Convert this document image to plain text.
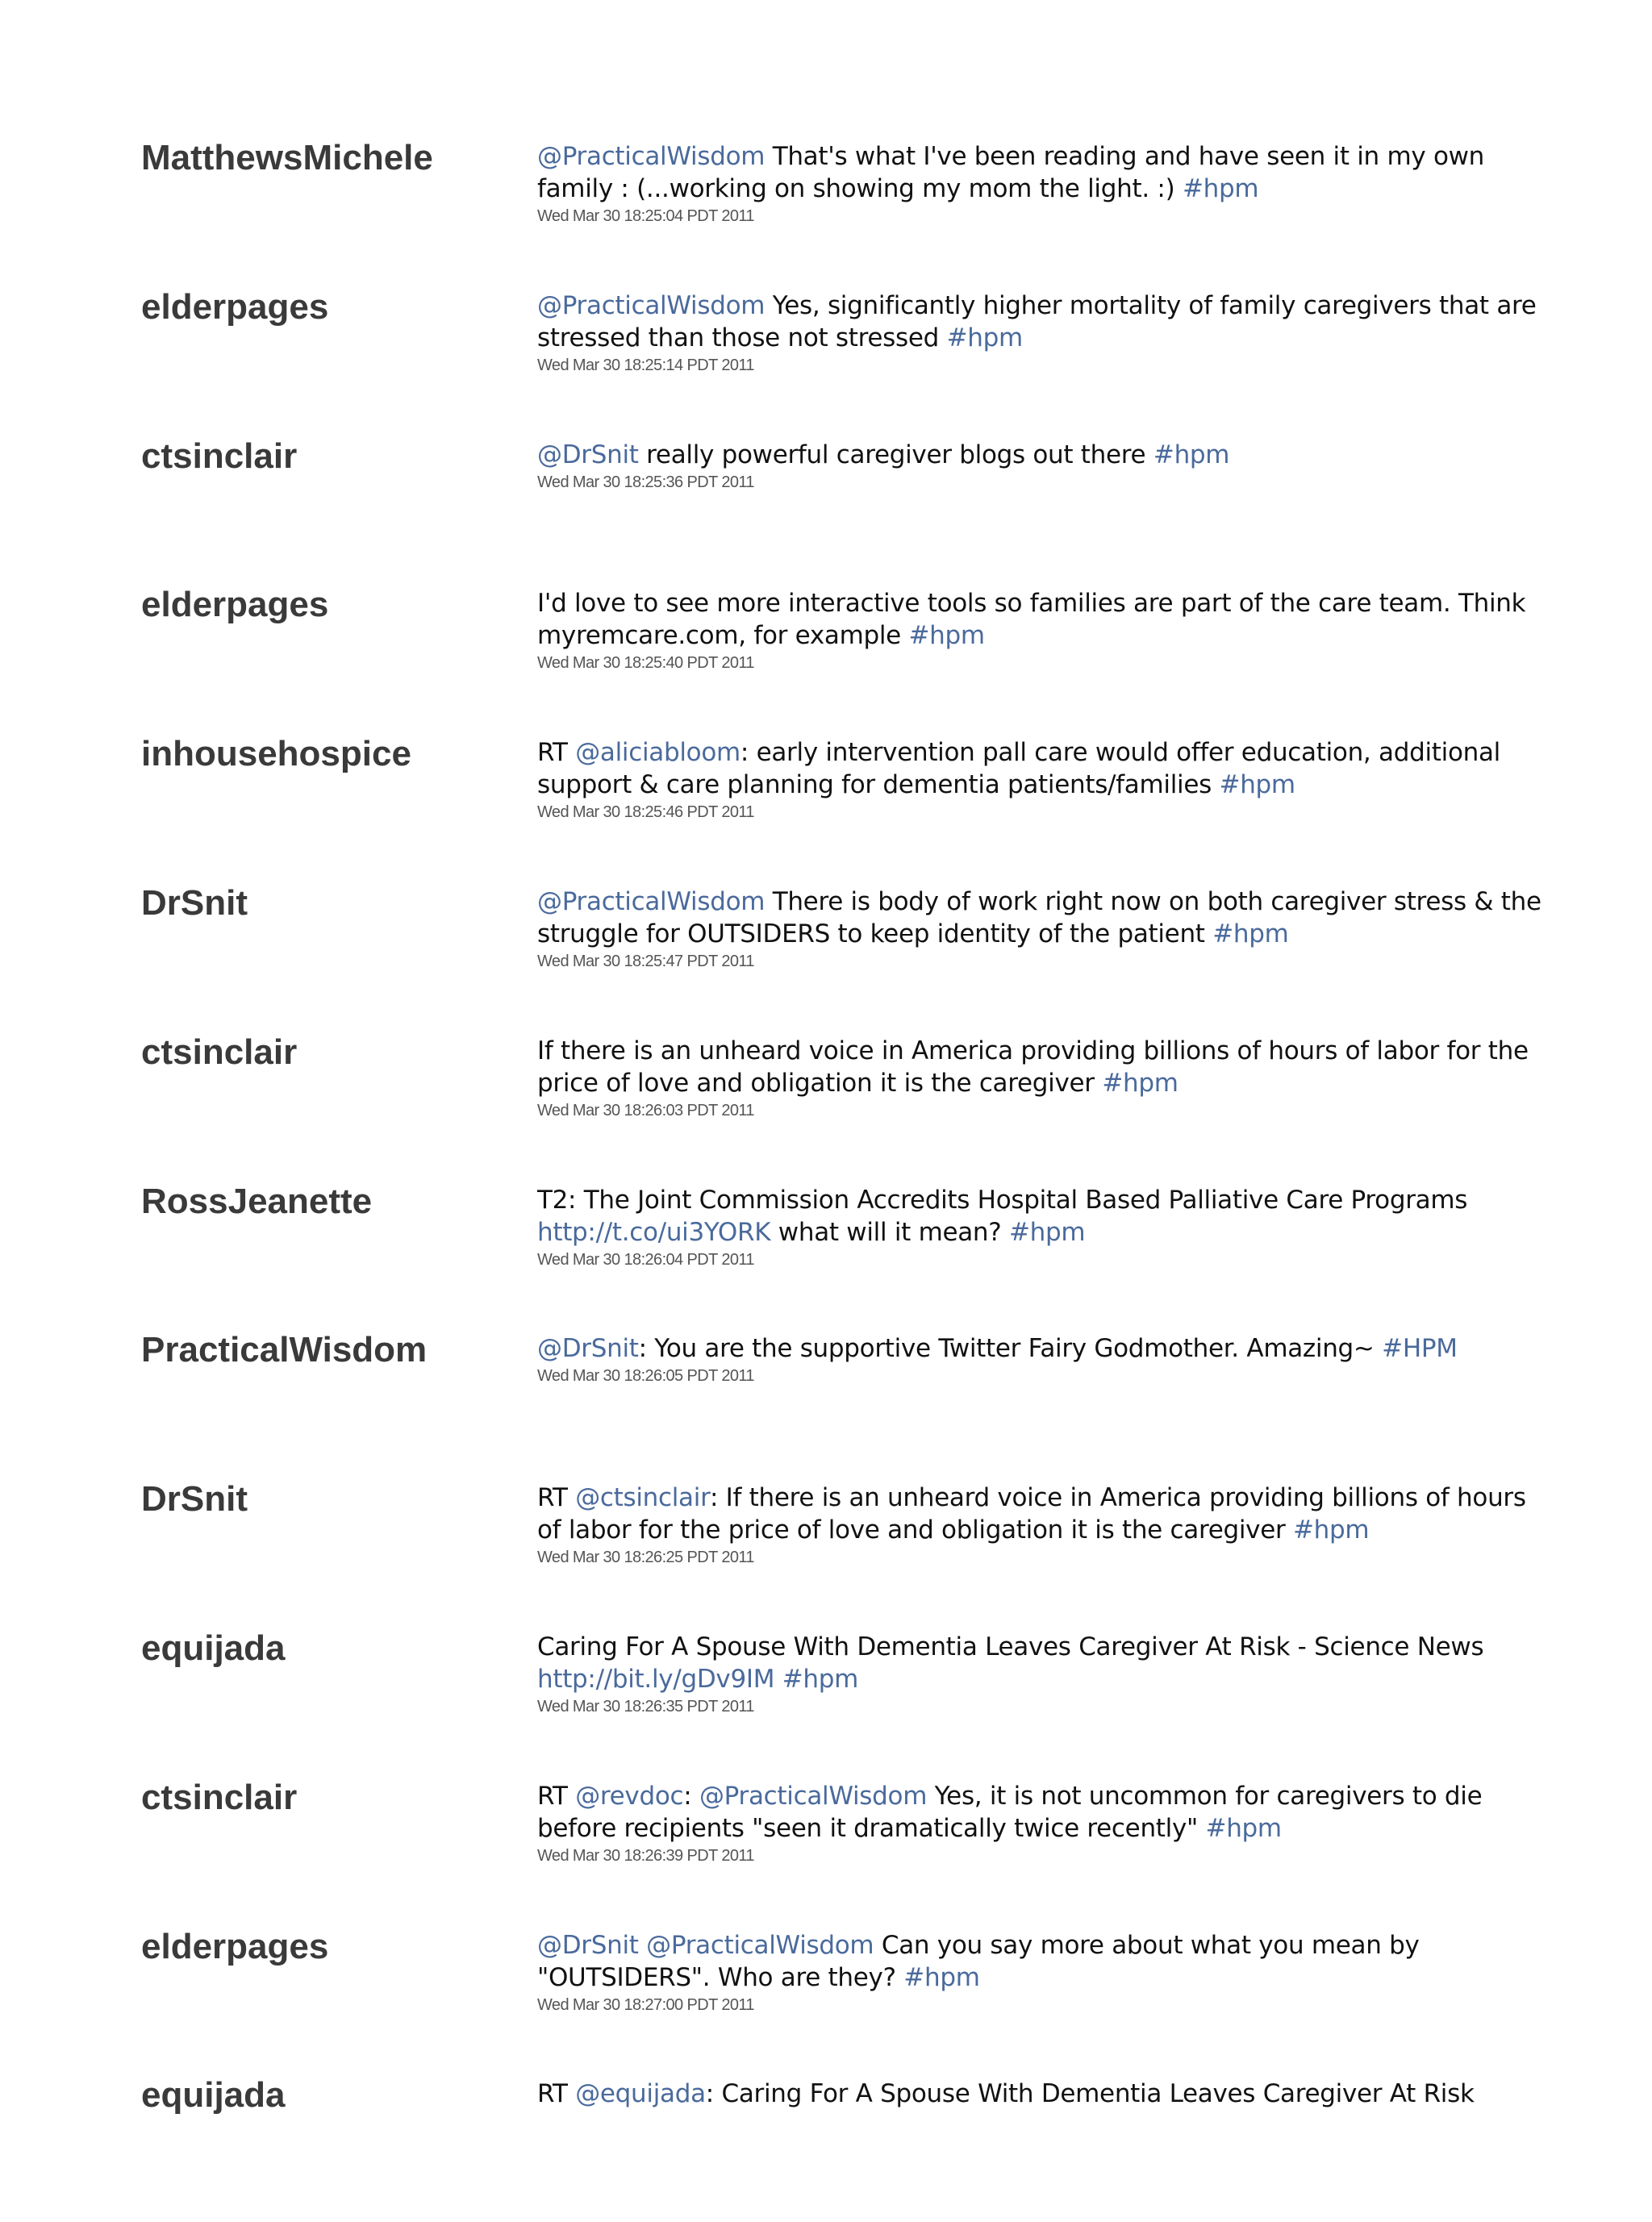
MatthewsMichele	@PracticalWisdom That's what I've been reading and have seen it in my own family : (...working on showing my mom the light. :) #hpm
Wed Mar 30 18:25:04 PDT 2011
elderpages	@PracticalWisdom Yes, significantly higher mortality of family caregivers that are stressed than those not stressed #hpm
Wed Mar 30 18:25:14 PDT 2011
ctsinclair	@DrSnit really powerful caregiver blogs out there #hpm
Wed Mar 30 18:25:36 PDT 2011
elderpages	I'd love to see more interactive tools so families are part of the care team. Think myremcare.com, for example #hpm
Wed Mar 30 18:25:40 PDT 2011
inhousehospice	RT @aliciabloom: early intervention pall care would offer education, additional support & care planning for dementia patients/families #hpm
Wed Mar 30 18:25:46 PDT 2011
DrSnit	@PracticalWisdom There is body of work right now on both caregiver stress & the struggle for OUTSIDERS to keep identity of the patient #hpm
Wed Mar 30 18:25:47 PDT 2011
ctsinclair	If there is an unheard voice in America providing billions of hours of labor for the price of love and obligation it is the caregiver #hpm
Wed Mar 30 18:26:03 PDT 2011
RossJeanette	T2: The Joint Commission Accredits Hospital Based Palliative Care Programs http://t.co/ui3YORK what will it mean? #hpm
Wed Mar 30 18:26:04 PDT 2011
PracticalWisdom	@DrSnit: You are the supportive Twitter Fairy Godmother. Amazing~ #HPM
Wed Mar 30 18:26:05 PDT 2011
DrSnit	RT @ctsinclair: If there is an unheard voice in America providing billions of hours of labor for the price of love and obligation it is the caregiver #hpm
Wed Mar 30 18:26:25 PDT 2011
equijada	Caring For A Spouse With Dementia Leaves Caregiver At Risk - Science News http://bit.ly/gDv9IM #hpm
Wed Mar 30 18:26:35 PDT 2011
ctsinclair	RT @revdoc: @PracticalWisdom Yes, it is not uncommon for caregivers to die before recipients "seen it dramatically twice recently" #hpm
Wed Mar 30 18:26:39 PDT 2011
elderpages	@DrSnit @PracticalWisdom Can you say more about what you mean by "OUTSIDERS". Who are they? #hpm
Wed Mar 30 18:27:00 PDT 2011
equijada	RT @equijada: Caring For A Spouse With Dementia Leaves Caregiver At Risk
